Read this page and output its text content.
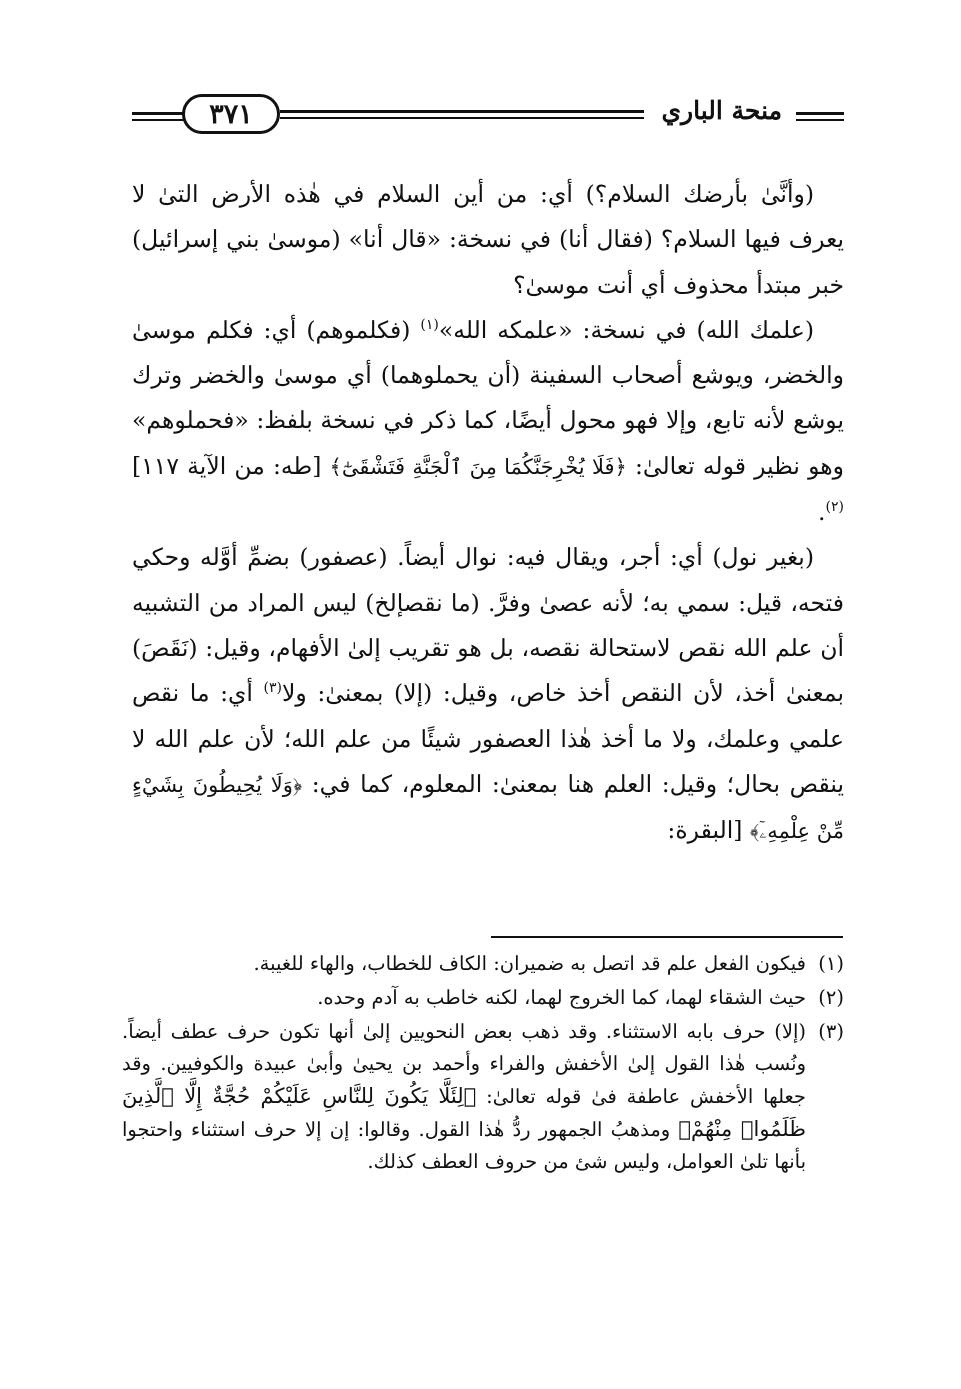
٣٧١	منحة الباري

(وأنَّىٰ بأرضك السلام؟) أي: من أين السلام في هٰذه الأرض التىٰ لا يعرف فيها السلام؟ (فقال أنا) في نسخة: «قال أنا» (موسىٰ بني إسرائيل) خبر مبتدأ محذوف أي أنت موسىٰ؟

(علمك الله) في نسخة: «علمكه الله»$^{(١)}$ (فكلموهم) أي: فكلم موسىٰ والخضر، ويوشع أصحاب السفينة (أن يحملوهما) أي موسىٰ والخضر وترك يوشع لأنه تابع، وإلا فهو محول أيضًا، كما ذكر في نسخة بلفظ: «فحملوهم» وهو نظير قوله تعالىٰ: ﴿فَلَا يُخْرِجَنَّكُمَا مِنَ ٱلْجَنَّةِ فَتَشْقَىٰٓ﴾ [طه: من الآية ١١٧]$^{(٢)}$.

(بغير نول) أي: أجر، ويقال فيه: نوال أيضاً. (عصفور) بضمِّ أوَّله وحكي فتحه، قيل: سمي به؛ لأنه عصىٰ وفرَّ. (ما نقصإلخ) ليس المراد من التشبيه أن علم الله نقص لاستحالة نقصه، بل هو تقريب إلىٰ الأفهام، وقيل: (نَقَصَ) بمعنىٰ أخذ، لأن النقص أخذ خاص، وقيل: (إلا) بمعنىٰ: ولا$^{(٣)}$ أي: ما نقص علمي وعلمك، ولا ما أخذ هٰذا العصفور شيئًا من علم الله؛ لأن علم الله لا ينقص بحال؛ وقيل: العلم هنا بمعنىٰ: المعلوم، كما في: ﴿وَلَا يُحِيطُونَ بِشَيْءٍ مِّنْ عِلْمِهِۦٓ﴾ [البقرة:

(١)
فيكون الفعل علم قد اتصل به ضميران: الكاف للخطاب، والهاء للغيبة.
(٢)
حيث الشقاء لهما، كما الخروج لهما، لكنه خاطب به آدم وحده.
(٣)
(إلا) حرف بابه الاستثناء. وقد ذهب بعض النحويين إلىٰ أنها تكون حرف عطف أيضاً. ونُسب هٰذا القول إلىٰ الأخفش والفراء وأحمد بن يحيىٰ وأبىٰ عبيدة والكوفيين. وقد جعلها الأخفش عاطفة فىٰ قوله تعالىٰ: ﴿لِئَلَّا يَكُونَ لِلنَّاسِ عَلَيْكُمْ حُجَّةٌ إِلَّا ٱلَّذِينَ ظَلَمُوا۟ مِنْهُمْ﴾ ومذهبُ الجمهور ردُّ هٰذا القول. وقالوا: إن إلا حرف استثناء واحتجوا بأنها تلىٰ العوامل، وليس شئ من حروف العطف كذلك.
